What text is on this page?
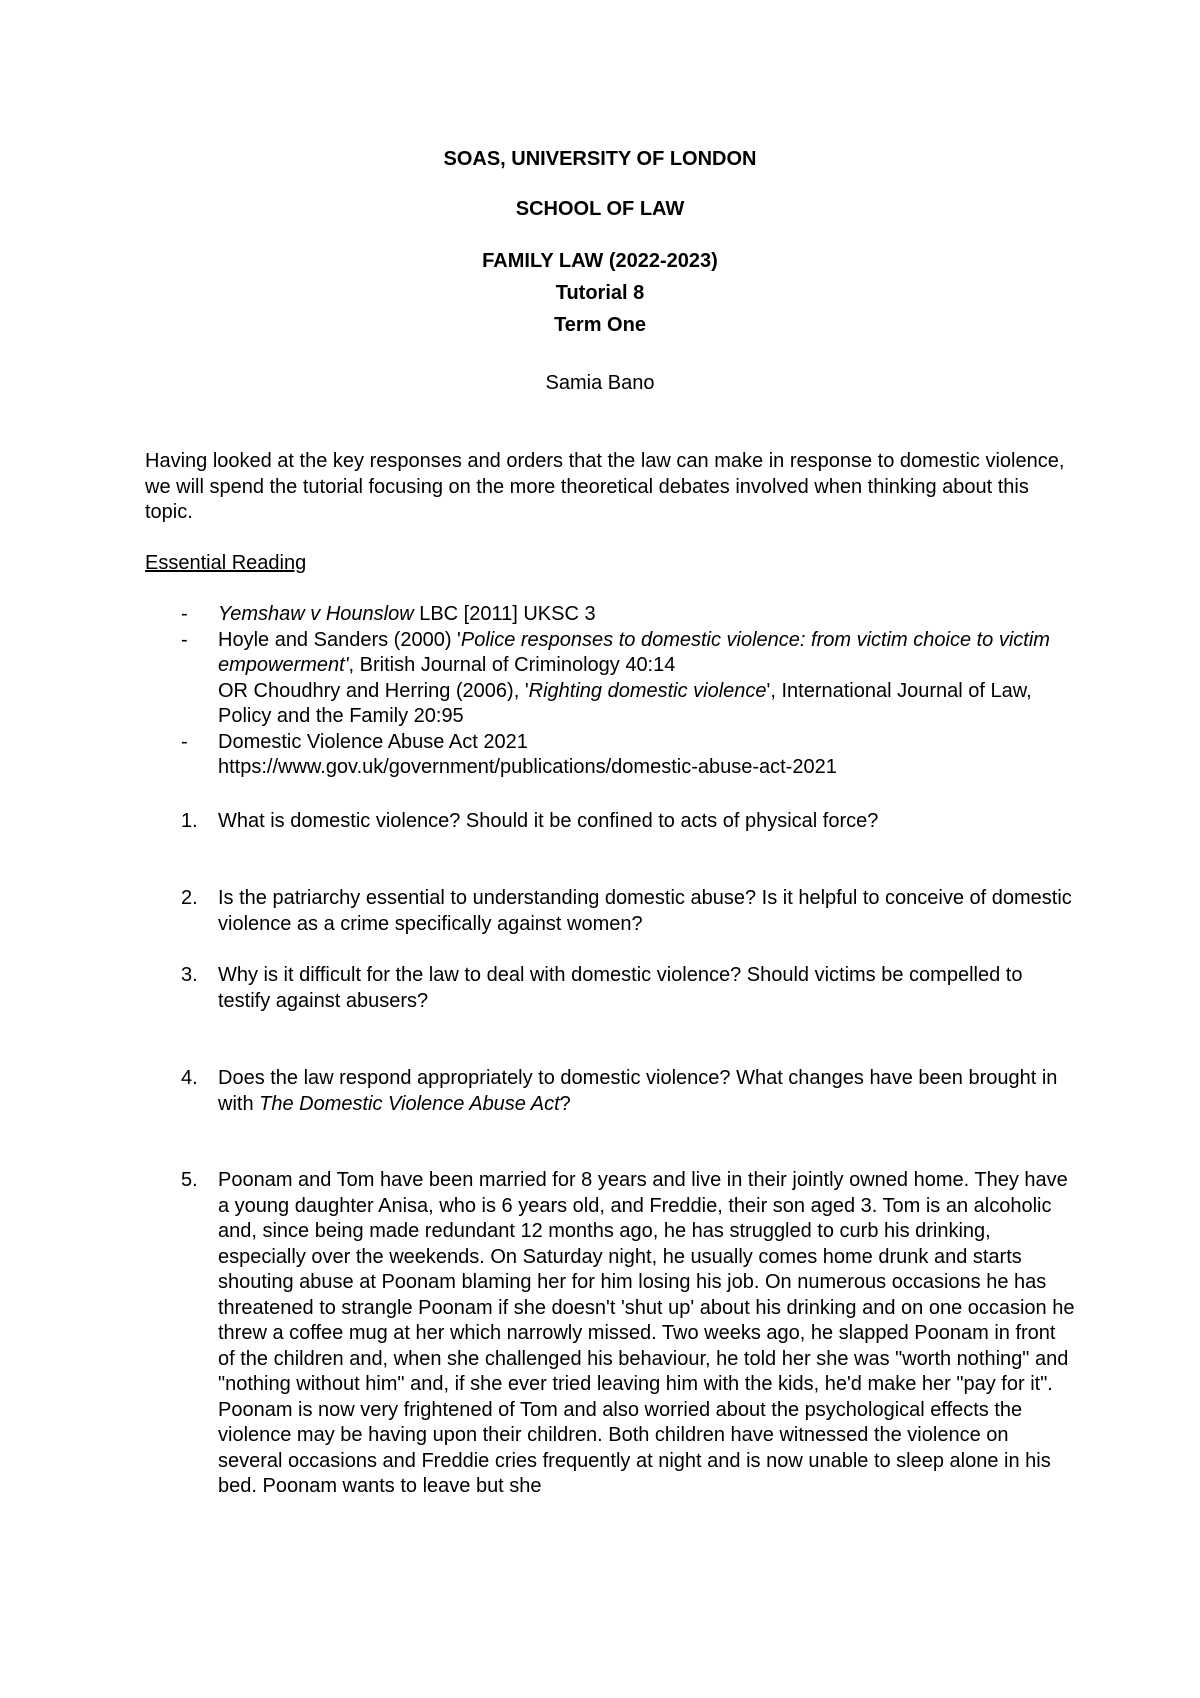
SOAS, UNIVERSITY OF LONDON
SCHOOL OF LAW
FAMILY LAW (2022-2023)
Tutorial 8
Term One
Samia Bano
Having looked at the key responses and orders that the law can make in response to domestic violence, we will spend the tutorial focusing on the more theoretical debates involved when thinking about this topic.
Essential Reading
- Yemshaw v Hounslow LBC [2011] UKSC 3
- Hoyle and Sanders (2000) 'Police responses to domestic violence: from victim choice to victim empowerment', British Journal of Criminology 40:14
OR Choudhry and Herring (2006), 'Righting domestic violence', International Journal of Law, Policy and the Family 20:95
- Domestic Violence Abuse Act 2021
https://www.gov.uk/government/publications/domestic-abuse-act-2021
1. What is domestic violence? Should it be confined to acts of physical force?
2. Is the patriarchy essential to understanding domestic abuse? Is it helpful to conceive of domestic violence as a crime specifically against women?
3. Why is it difficult for the law to deal with domestic violence? Should victims be compelled to testify against abusers?
4. Does the law respond appropriately to domestic violence? What changes have been brought in with The Domestic Violence Abuse Act?
5. Poonam and Tom have been married for 8 years and live in their jointly owned home. They have a young daughter Anisa, who is 6 years old, and Freddie, their son aged 3. Tom is an alcoholic and, since being made redundant 12 months ago, he has struggled to curb his drinking, especially over the weekends. On Saturday night, he usually comes home drunk and starts shouting abuse at Poonam blaming her for him losing his job. On numerous occasions he has threatened to strangle Poonam if she doesn't 'shut up' about his drinking and on one occasion he threw a coffee mug at her which narrowly missed. Two weeks ago, he slapped Poonam in front of the children and, when she challenged his behaviour, he told her she was "worth nothing" and "nothing without him" and, if she ever tried leaving him with the kids, he'd make her "pay for it". Poonam is now very frightened of Tom and also worried about the psychological effects the violence may be having upon their children. Both children have witnessed the violence on several occasions and Freddie cries frequently at night and is now unable to sleep alone in his bed. Poonam wants to leave but she
